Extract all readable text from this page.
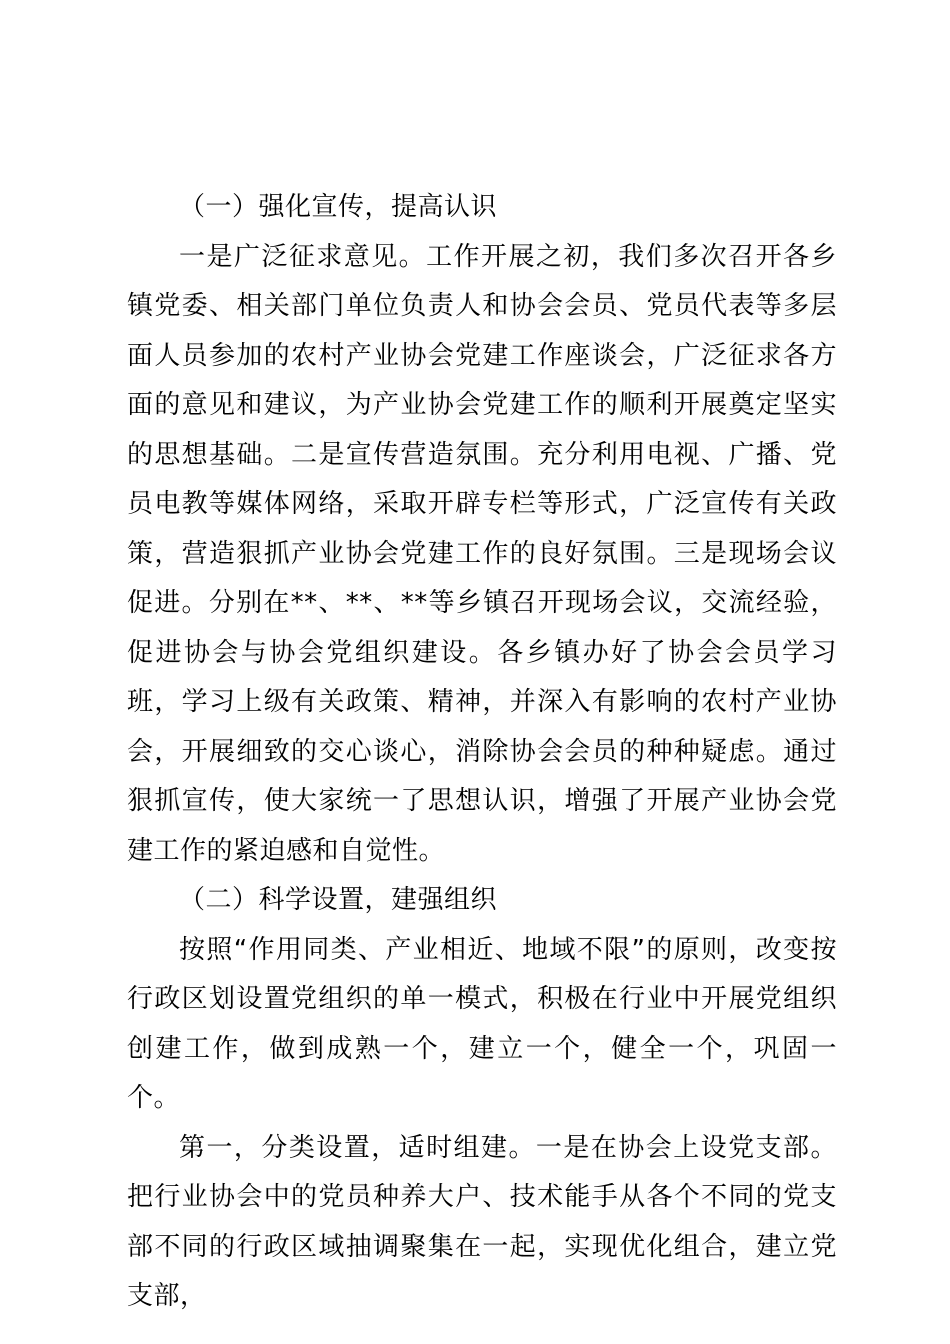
（一）强化宣传，提高认识

一是广泛征求意见。工作开展之初，我们多次召开各乡镇党委、相关部门单位负责人和协会会员、党员代表等多层面人员参加的农村产业协会党建工作座谈会，广泛征求各方面的意见和建议，为产业协会党建工作的顺利开展奠定坚实的思想基础。二是宣传营造氛围。充分利用电视、广播、党员电教等媒体网络，采取开辟专栏等形式，广泛宣传有关政策，营造狠抓产业协会党建工作的良好氛围。三是现场会议促进。分别在**、**、**等乡镇召开现场会议，交流经验，促进协会与协会党组织建设。各乡镇办好了协会会员学习班，学习上级有关政策、精神，并深入有影响的农村产业协会，开展细致的交心谈心，消除协会会员的种种疑虑。通过狠抓宣传，使大家统一了思想认识，增强了开展产业协会党建工作的紧迫感和自觉性。

（二）科学设置，建强组织

按照“作用同类、产业相近、地域不限”的原则，改变按行政区划设置党组织的单一模式，积极在行业中开展党组织创建工作，做到成熟一个，建立一个，健全一个，巩固一个。

第一，分类设置，适时组建。一是在协会上设党支部。把行业协会中的党员种养大户、技术能手从各个不同的党支部不同的行政区域抽调聚集在一起，实现优化组合，建立党支部，
